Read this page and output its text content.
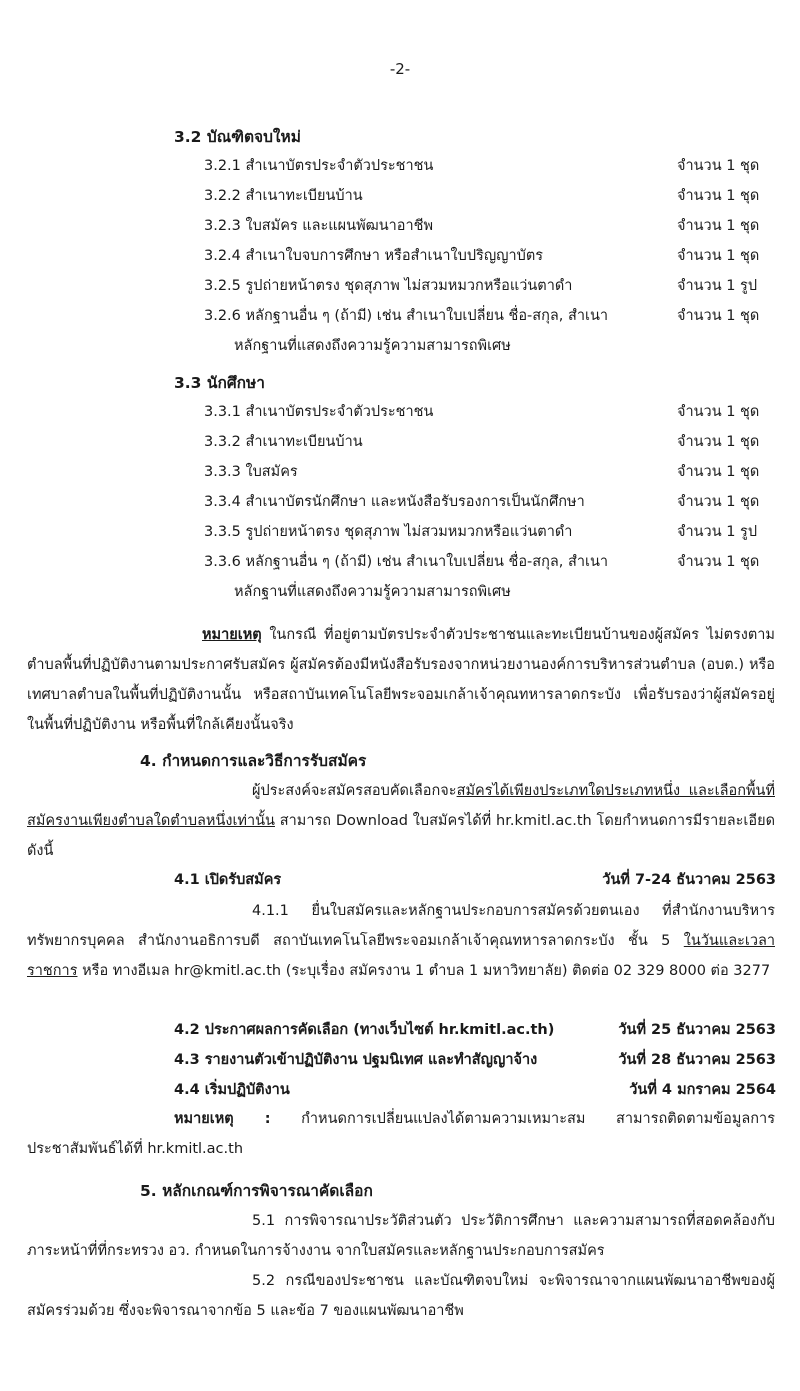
-2-
3.2 บัณฑิตจบใหม่
3.2.1 สำเนาบัตรประจำตัวประชาชน	จำนวน 1 ชุด
3.2.2 สำเนาทะเบียนบ้าน	จำนวน 1 ชุด
3.2.3 ใบสมัคร และแผนพัฒนาอาชีพ	จำนวน 1 ชุด
3.2.4 สำเนาใบจบการศึกษา หรือสำเนาใบปริญญาบัตร	จำนวน 1 ชุด
3.2.5 รูปถ่ายหน้าตรง ชุดสุภาพ ไม่สวมหมวกหรือแว่นตาดำ	จำนวน 1 รูป
3.2.6 หลักฐานอื่น ๆ (ถ้ามี) เช่น สำเนาใบเปลี่ยน ชื่อ-สกุล, สำเนา	จำนวน 1 ชุด
หลักฐานที่แสดงถึงความรู้ความสามารถพิเศษ
3.3 นักศึกษา
3.3.1 สำเนาบัตรประจำตัวประชาชน	จำนวน 1 ชุด
3.3.2 สำเนาทะเบียนบ้าน	จำนวน 1 ชุด
3.3.3 ใบสมัคร	จำนวน 1 ชุด
3.3.4 สำเนาบัตรนักศึกษา และหนังสือรับรองการเป็นนักศึกษา	จำนวน 1 ชุด
3.3.5 รูปถ่ายหน้าตรง ชุดสุภาพ ไม่สวมหมวกหรือแว่นตาดำ	จำนวน 1 รูป
3.3.6 หลักฐานอื่น ๆ (ถ้ามี) เช่น สำเนาใบเปลี่ยน ชื่อ-สกุล, สำเนา	จำนวน 1 ชุด
หลักฐานที่แสดงถึงความรู้ความสามารถพิเศษ
หมายเหตุ ในกรณี ที่อยู่ตามบัตรประจำตัวประชาชนและทะเบียนบ้านของผู้สมัคร ไม่ตรงตามตำบลพื้นที่ปฏิบัติงานตามประกาศรับสมัคร ผู้สมัครต้องมีหนังสือรับรองจากหน่วยงานองค์การบริหารส่วนตำบล (อบต.) หรือเทศบาลตำบลในพื้นที่ปฏิบัติงานนั้น หรือสถาบันเทคโนโลยีพระจอมเกล้าเจ้าคุณทหารลาดกระบัง เพื่อรับรองว่าผู้สมัครอยู่ในพื้นที่ปฏิบัติงาน หรือพื้นที่ใกล้เคียงนั้นจริง
4. กำหนดการและวิธีการรับสมัคร
ผู้ประสงค์จะสมัครสอบคัดเลือกจะสมัครได้เพียงประเภทใดประเภทหนึ่ง และเลือกพื้นที่สมัครงานเพียงตำบลใดตำบลหนึ่งเท่านั้น สามารถ Download ใบสมัครได้ที่ hr.kmitl.ac.th โดยกำหนดการมีรายละเอียด ดังนี้
4.1 เปิดรับสมัคร	วันที่ 7-24 ธันวาคม 2563
4.1.1 ยื่นใบสมัครและหลักฐานประกอบการสมัครด้วยตนเอง ที่สำนักงานบริหารทรัพยากรบุคคล สำนักงานอธิการบดี สถาบันเทคโนโลยีพระจอมเกล้าเจ้าคุณทหารลาดกระบัง ชั้น 5 ในวันและเวลาราชการ หรือ ทางอีเมล hr@kmitl.ac.th (ระบุเรื่อง สมัครงาน 1 ตำบล 1 มหาวิทยาลัย) ติดต่อ 02 329 8000 ต่อ 3277
4.2 ประกาศผลการคัดเลือก (ทางเว็บไซต์ hr.kmitl.ac.th)	วันที่ 25 ธันวาคม 2563
4.3 รายงานตัวเข้าปฏิบัติงาน ปฐมนิเทศ และทำสัญญาจ้าง	วันที่ 28 ธันวาคม 2563
4.4 เริ่มปฏิบัติงาน	วันที่ 4 มกราคม 2564
หมายเหตุ : กำหนดการเปลี่ยนแปลงได้ตามความเหมาะสม สามารถติดตามข้อมูลการประชาสัมพันธ์ได้ที่ hr.kmitl.ac.th
5. หลักเกณฑ์การพิจารณาคัดเลือก
5.1 การพิจารณาประวัติส่วนตัว ประวัติการศึกษา และความสามารถที่สอดคล้องกับภาระหน้าที่ที่กระทรวง อว. กำหนดในการจ้างงาน จากใบสมัครและหลักฐานประกอบการสมัคร
5.2 กรณีของประชาชน และบัณฑิตจบใหม่ จะพิจารณาจากแผนพัฒนาอาชีพของผู้สมัครร่วมด้วย ซึ่งจะพิจารณาจากข้อ 5 และข้อ 7 ของแผนพัฒนาอาชีพ
